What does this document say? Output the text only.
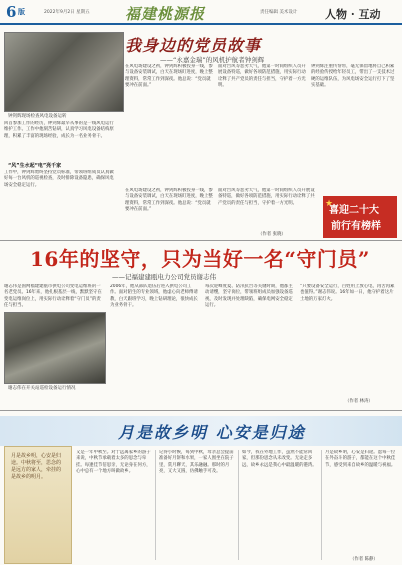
6 版	2022年9月2日 星期五 福建桃源报	责任编辑 美术设计	人物 · 互动
钟剑辉现场检查风电设备运转
我身边的党员故事
——“永嘉金瑞”的风机护航者钟剑辉
在风电场建设之初，钟剑辉积极投身一线，参与设备安装调试，白天在现场盯进度，晚上整理资料，常常工作到深夜。他总说：“党员就要冲在前面。”
面对台风等恶劣天气，他第一时间组织人员开展设备特巡，做好各项防范措施，用实际行动诠释了共产党员的责任与担当，守护着一方光明。
钟剑辉注重传帮带，毫无保留地将自己积累的经验传授给年轻员工，带出了一支技术过硬的运维队伍，为风电场安全运行打下了坚实基础。
回首参加工作的经历，钟剑辉最早从事的是一线风电运行维护工作。工作中他刻苦钻研，认真学习风电设备结构原理，积累了丰富的现场经验，成长为一名业务骨干。
“风”生水起“电”亮千家
工作中，钟剑辉始终坚持党员标准，带领班组成员认真做好每一台风机的巡视检查，及时排除设备隐患，确保风电场安全稳定运行。
在风电场建设之初，钟剑辉积极投身一线，参与设备安装调试，白天在现场盯进度，晚上整理资料，常常工作到深夜。他总说：“党员就要冲在前面。”
面对台风等恶劣天气，他第一时间组织人员开展设备特巡，做好各项防范措施，用实际行动诠释了共产党员的责任与担当，守护着一方光明。
（作者 张晓）
★
喜迎二十大
前行有榜样
16年的坚守，只为当好一名“守门员”
——记福建建瓯电力公司党员谢志伟
谢志伟是国网福建建瓯市供电公司变电运维班的一名老党员。16年来，他扎根基层一线，默默坚守在变电运维岗位上，用实际行动诠释着“守门员”的责任与担当。
谢志伟在开关站巡检设备运行情况
2006年，他从部队退伍后进入供电公司工作。面对陌生的专业领域，他虚心向老师傅请教，白天跟班学习，晚上钻研理论，很快成长为业务骨干。
每次迎峰度夏、防汛抗台等关键时期，他都主动请缨，坚守岗位，带领班组成员加强设备巡视，及时发现并处理缺陷，确保电网安全稳定运行。
“只要设备安全运行，百姓用上放心电，再苦再累也值得。”谢志伟说。16年如一日，他守护着这片土地的万家灯火。
（作者 林涛）
月是故乡明 心安是归途
月是故乡明，心安是归途。中秋将至，思念的是远方的家人，牵挂的是故乡的明月。
又是一年中秋至。对于远离家乡的游子来说，中秋节承载着太多的思念与牵挂。每逢佳节倍思亲，无论身在何方，心中总有一个地方叫做故乡。
记得小时候，每到中秋，母亲总会提前准备好月饼和水果，一家人围坐在院子里，赏月聊天，其乐融融。那时的月亮，又大又圆，仿佛触手可及。
如今，我在外地工作，虽然不能常回家，但那份思念从未改变。无论走多远，故乡永远是我心中最温暖的港湾。
月是故乡明，心安是归途。愿每一位在外奋斗的游子，都能在这个中秋佳节，感受到来自故乡的温暖与祝福。
（作者 陈静）
